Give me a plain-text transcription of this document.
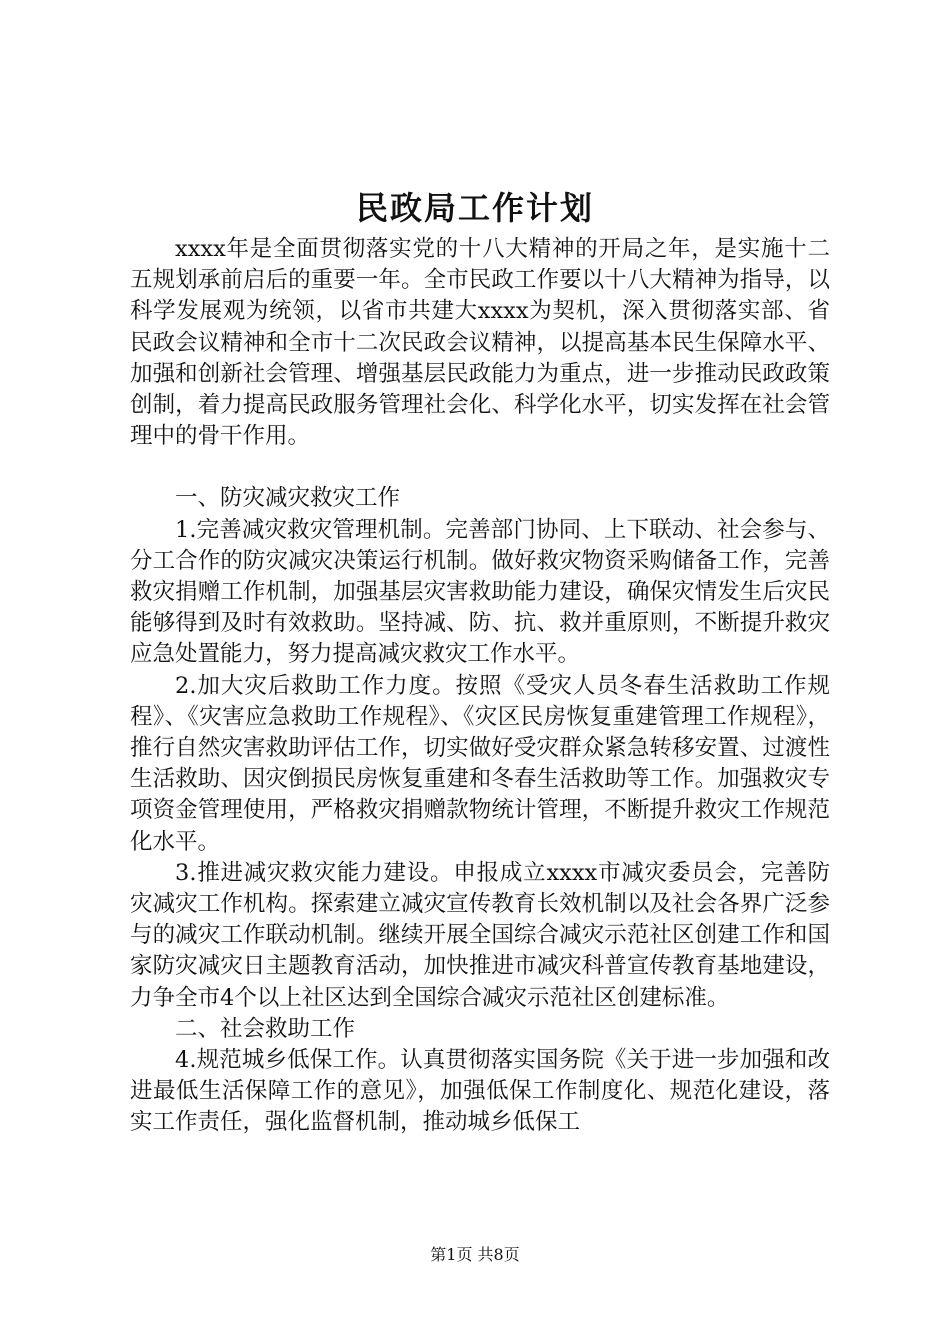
民政局工作计划

xxxx年是全面贯彻落实党的十八大精神的开局之年，是实施十二五规划承前启后的重要一年。全市民政工作要以十八大精神为指导，以科学发展观为统领，以省市共建大xxxx为契机，深入贯彻落实部、省民政会议精神和全市十二次民政会议精神，以提高基本民生保障水平、加强和创新社会管理、增强基层民政能力为重点，进一步推动民政政策创制，着力提高民政服务管理社会化、科学化水平，切实发挥在社会管理中的骨干作用。

一、防灾减灾救灾工作

1.完善减灾救灾管理机制。完善部门协同、上下联动、社会参与、分工合作的防灾减灾决策运行机制。做好救灾物资采购储备工作，完善救灾捐赠工作机制，加强基层灾害救助能力建设，确保灾情发生后灾民能够得到及时有效救助。坚持减、防、抗、救并重原则，不断提升救灾应急处置能力，努力提高减灾救灾工作水平。

2.加大灾后救助工作力度。按照《受灾人员冬春生活救助工作规程》、《灾害应急救助工作规程》、《灾区民房恢复重建管理工作规程》，推行自然灾害救助评估工作，切实做好受灾群众紧急转移安置、过渡性生活救助、因灾倒损民房恢复重建和冬春生活救助等工作。加强救灾专项资金管理使用，严格救灾捐赠款物统计管理，不断提升救灾工作规范化水平。

3.推进减灾救灾能力建设。申报成立xxxx市减灾委员会，完善防灾减灾工作机构。探索建立减灾宣传教育长效机制以及社会各界广泛参与的减灾工作联动机制。继续开展全国综合减灾示范社区创建工作和国家防灾减灾日主题教育活动，加快推进市减灾科普宣传教育基地建设，力争全市4个以上社区达到全国综合减灾示范社区创建标准。

二、社会救助工作

4.规范城乡低保工作。认真贯彻落实国务院《关于进一步加强和改进最低生活保障工作的意见》，加强低保工作制度化、规范化建设，落实工作责任，强化监督机制，推动城乡低保工

第1页 共8页
